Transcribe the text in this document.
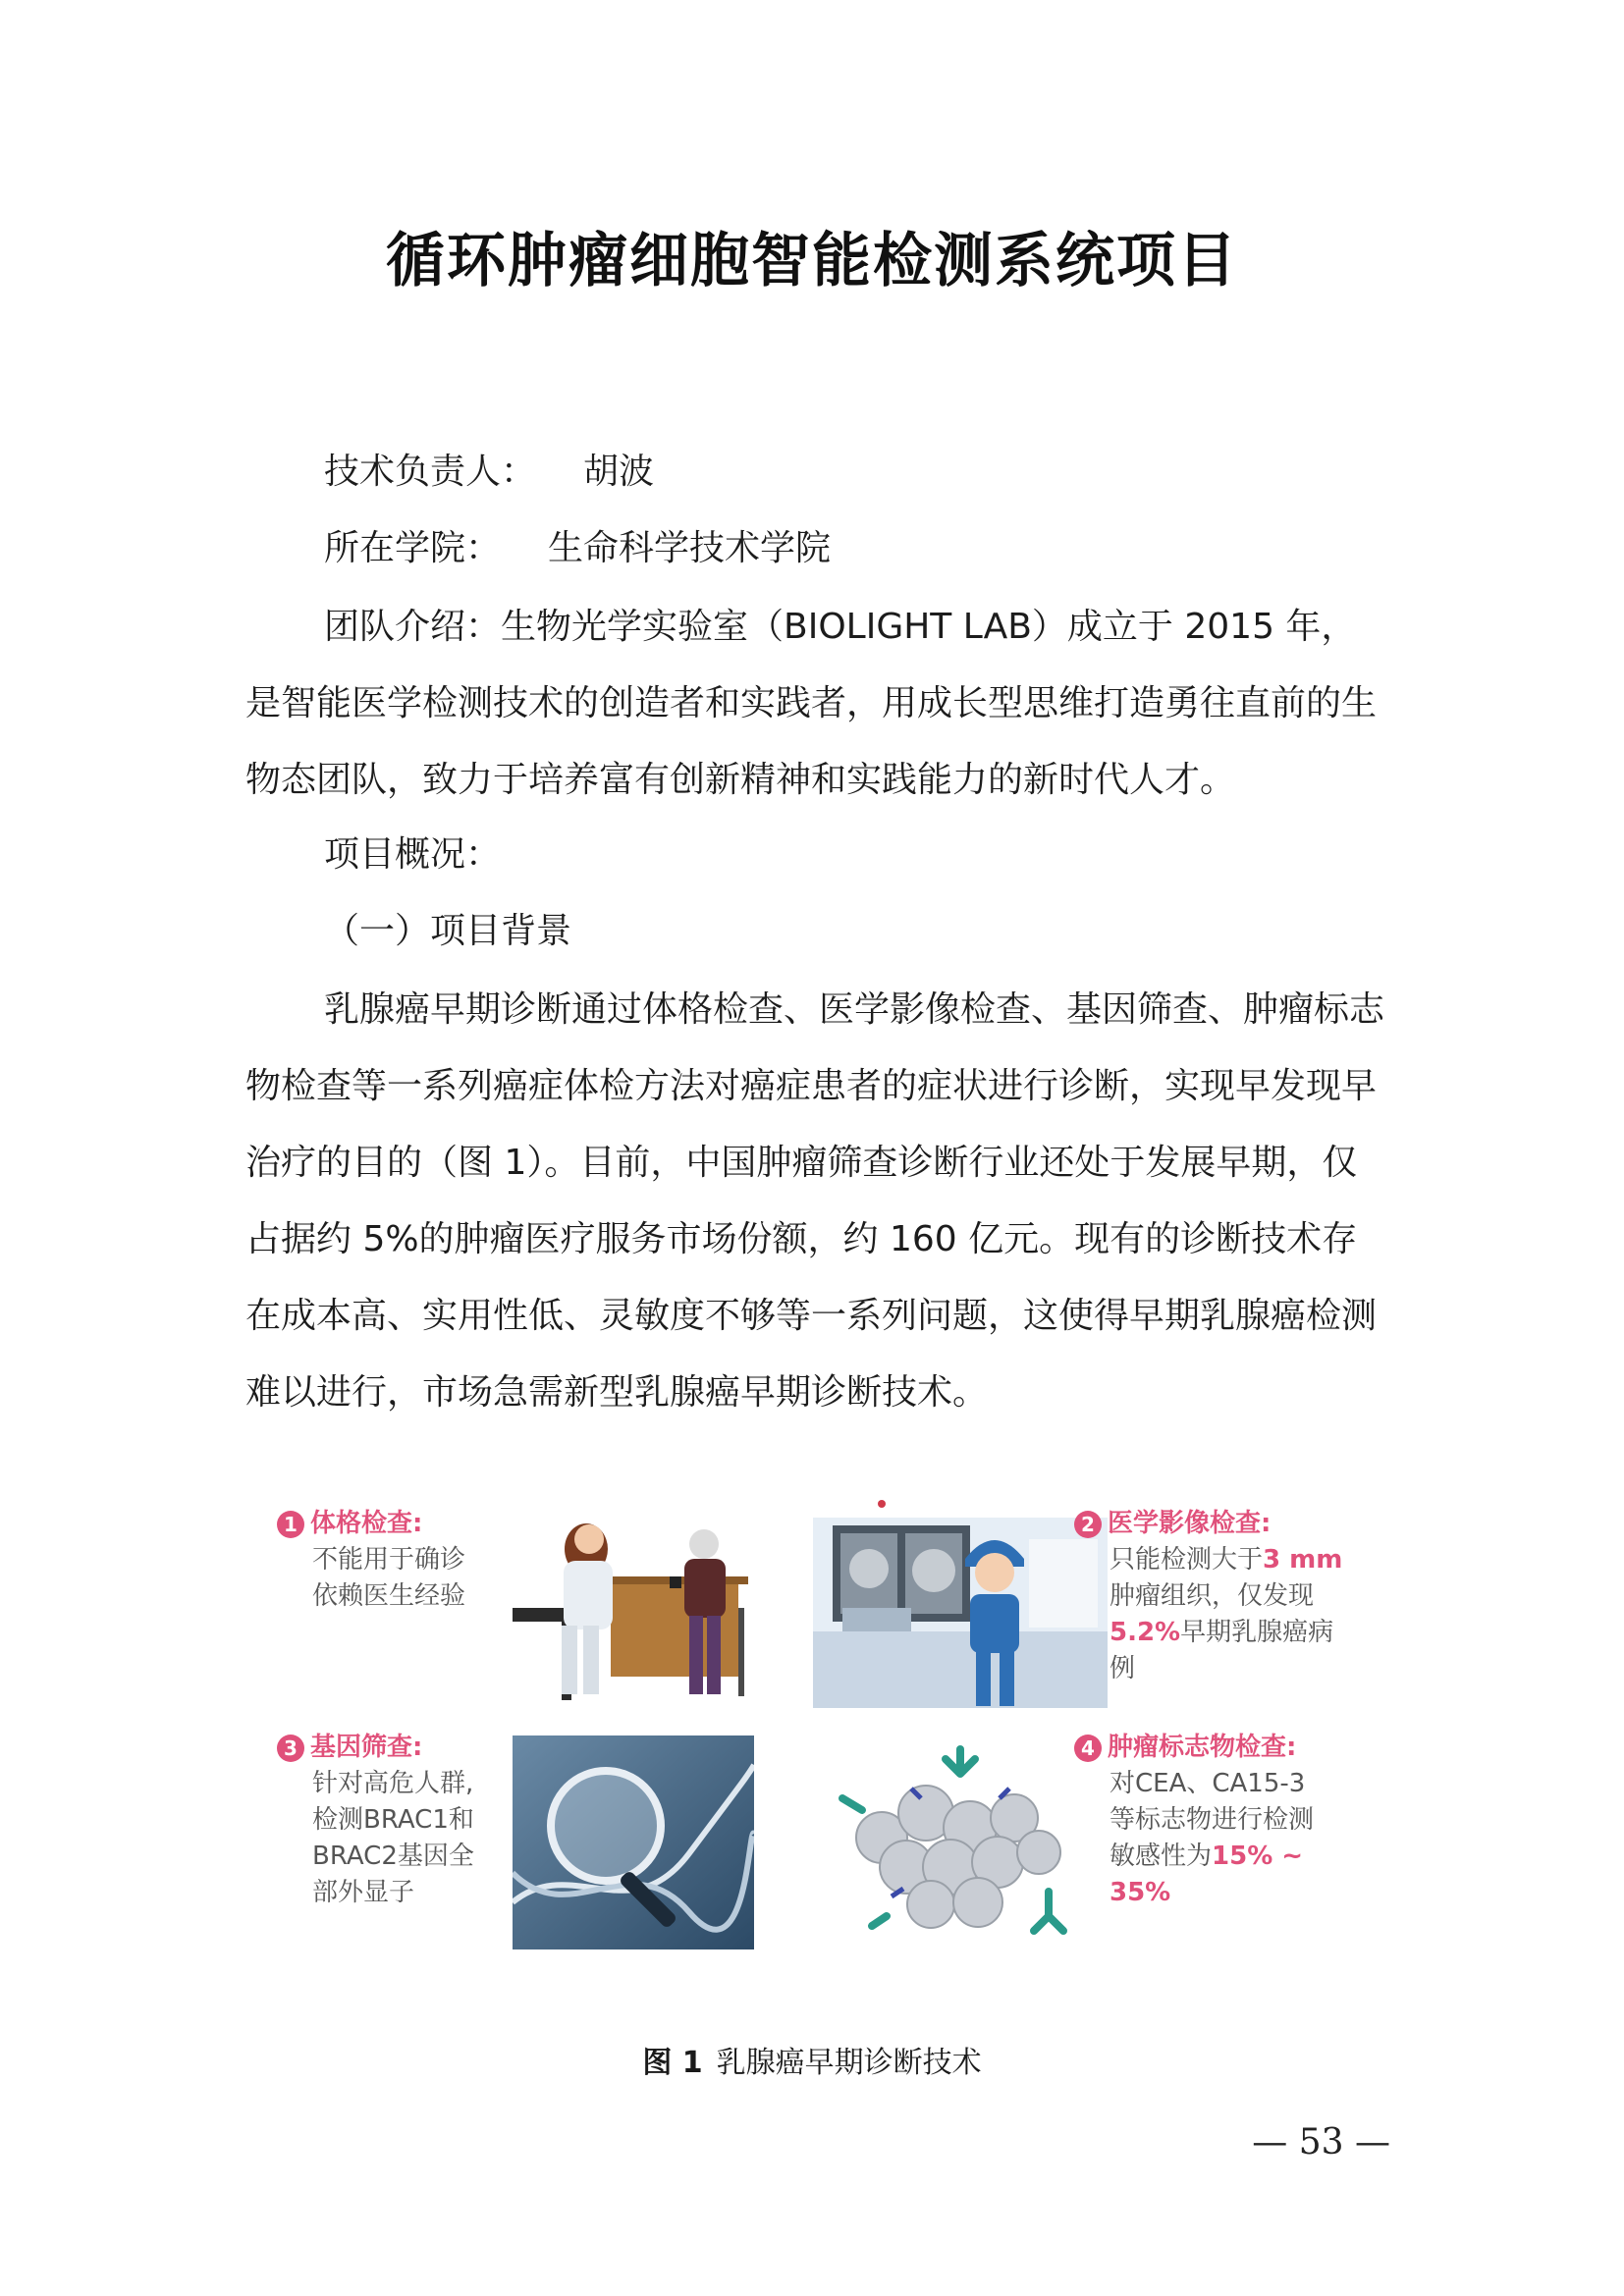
循环肿瘤细胞智能检测系统项目
技术负责人： 胡波
所在学院： 生命科学技术学院
团队介绍：生物光学实验室（BIOLIGHT LAB）成立于 2015 年，是智能医学检测技术的创造者和实践者，用成长型思维打造勇往直前的生物态团队，致力于培养富有创新精神和实践能力的新时代人才。
项目概况：
（一）项目背景
乳腺癌早期诊断通过体格检查、医学影像检查、基因筛查、肿瘤标志物检查等一系列癌症体检方法对癌症患者的症状进行诊断，实现早发现早治疗的目的（图 1）。目前，中国肿瘤筛查诊断行业还处于发展早期，仅占据约 5%的肿瘤医疗服务市场份额，约 160 亿元。现有的诊断技术存在成本高、实用性低、灵敏度不够等一系列问题，这使得早期乳腺癌检测难以进行，市场急需新型乳腺癌早期诊断技术。
1 体格检查:
不能用于确诊
依赖医生经验
2 医学影像检查:
只能检测大于3 mm
肿瘤组织，仅发现
5.2%早期乳腺癌病
例
3 基因筛查:
针对高危人群,
检测BRAC1和
BRAC2基因全
部外显子
4 肿瘤标志物检查:
对CEA、CA15-3
等标志物进行检测
敏感性为15% ~
35%
图 1 乳腺癌早期诊断技术
— 53 —
